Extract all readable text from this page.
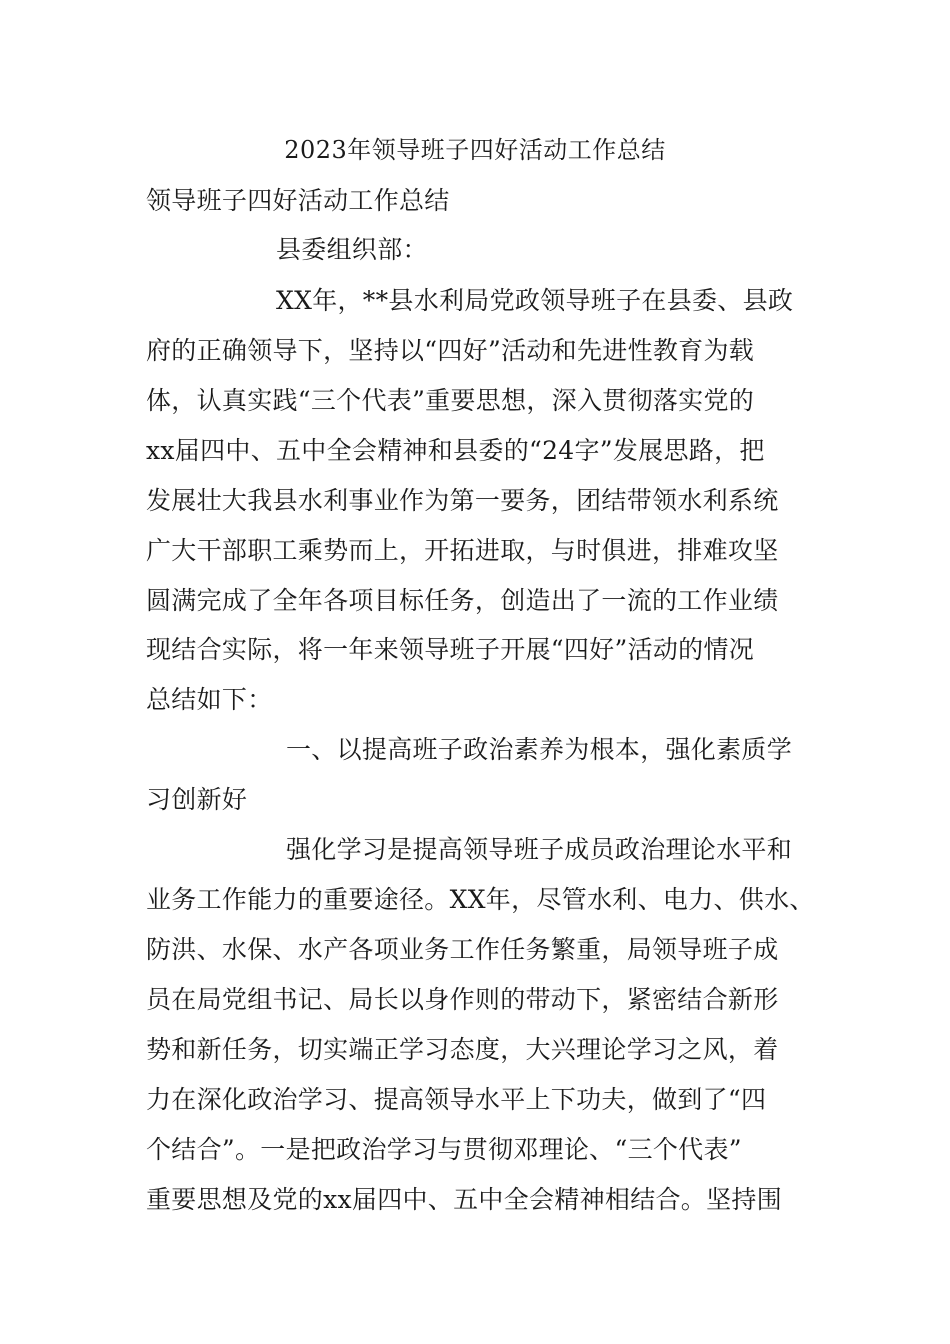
2023年领导班子四好活动工作总结
领导班子四好活动工作总结
县委组织部：
XX年，**县水利局党政领导班子在县委、县政
府的正确领导下，坚持以“四好”活动和先进性教育为载
体，认真实践“三个代表”重要思想，深入贯彻落实党的
xx届四中、五中全会精神和县委的“24字”发展思路，把
发展壮大我县水利事业作为第一要务，团结带领水利系统
广大干部职工乘势而上，开拓进取，与时俱进，排难攻坚
圆满完成了全年各项目标任务，创造出了一流的工作业绩
现结合实际，将一年来领导班子开展“四好”活动的情况
总结如下：
一、以提高班子政治素养为根本，强化素质学
习创新好
强化学习是提高领导班子成员政治理论水平和
业务工作能力的重要途径。XX年，尽管水利、电力、供水、
防洪、水保、水产各项业务工作任务繁重，局领导班子成
员在局党组书记、局长以身作则的带动下，紧密结合新形
势和新任务，切实端正学习态度，大兴理论学习之风，着
力在深化政治学习、提高领导水平上下功夫，做到了“四
个结合”。一是把政治学习与贯彻邓理论、“三个代表”
重要思想及党的xx届四中、五中全会精神相结合。坚持围
